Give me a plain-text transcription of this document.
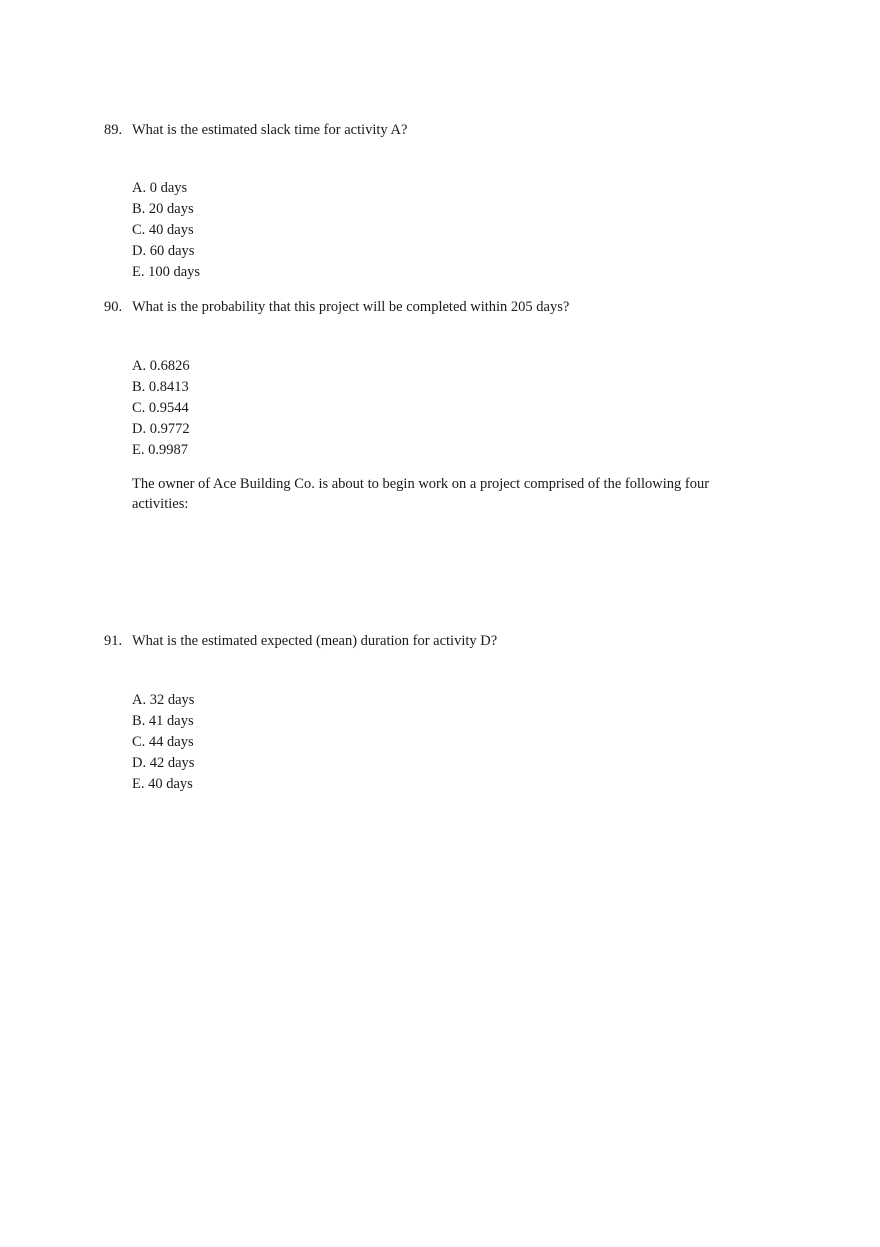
89. What is the estimated slack time for activity A?
A. 0 days
B. 20 days
C. 40 days
D. 60 days
E. 100 days
90. What is the probability that this project will be completed within 205 days?
A. 0.6826
B. 0.8413
C. 0.9544
D. 0.9772
E. 0.9987
The owner of Ace Building Co. is about to begin work on a project comprised of the following four activities:
91. What is the estimated expected (mean) duration for activity D?
A. 32 days
B. 41 days
C. 44 days
D. 42 days
E. 40 days
